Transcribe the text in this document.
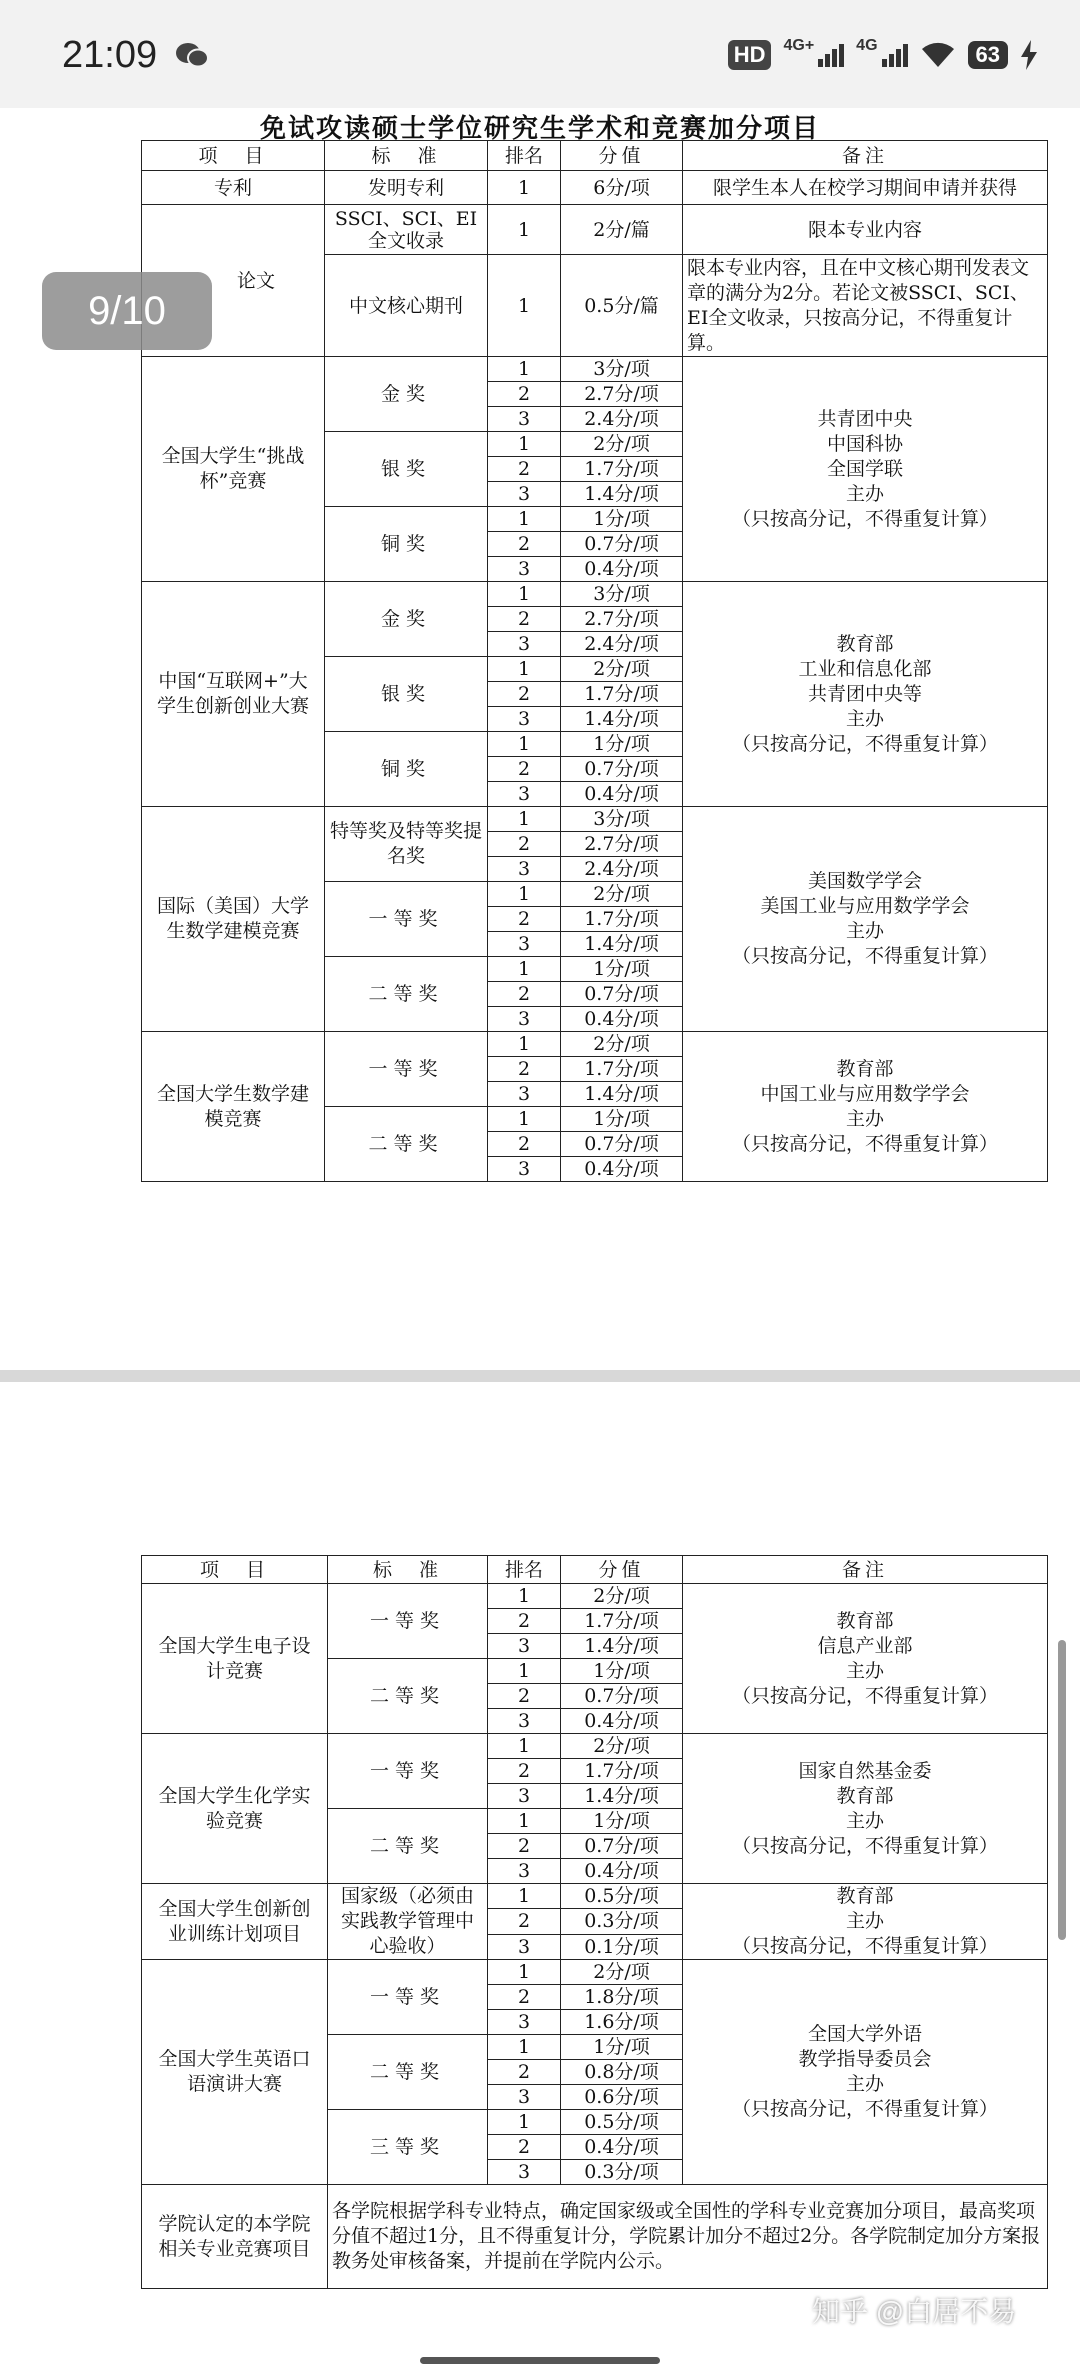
21:09	HD	4G+	4G	63
免试攻读硕士学位研究生学术和竞赛加分项目
项　目	标　准	排名	分值	备注
专利	发明专利	1	6分/项	限学生本人在校学习期间申请并获得
论文	SSCI、SCI、EI全文收录	1	2分/篇	限本专业内容
	中文核心期刊	1	0.5分/篇	限本专业内容，且在中文核心期刊发表文章的满分为2分。若论文被SSCI、SCI、EI全文收录，只按高分记，不得重复计算。
全国大学生“挑战杯”竞赛	金奖	1	3分/项	共青团中央
中国科协
全国学联
主办
（只按高分记，不得重复计算）

		2	2.7分/项	
		3	2.4分/项	
	银奖	1	2分/项	
		2	1.7分/项	
		3	1.4分/项	
	铜奖	1	1分/项	
		2	0.7分/项	
		3	0.4分/项	
中国“互联网+”大学生创新创业大赛	金奖	1	3分/项	教育部
工业和信息化部
共青团中央等
主办
（只按高分记，不得重复计算）

		2	2.7分/项	
		3	2.4分/项	
	银奖	1	2分/项	
		2	1.7分/项	
		3	1.4分/项	
	铜奖	1	1分/项	
		2	0.7分/项	
		3	0.4分/项	
国际（美国）大学生数学建模竞赛	特等奖及特等奖提名奖	1	3分/项	美国数学学会
美国工业与应用数学学会
主办
（只按高分记，不得重复计算）

		2	2.7分/项	
		3	2.4分/项	
	一等奖	1	2分/项	
		2	1.7分/项	
		3	1.4分/项	
	二等奖	1	1分/项	
		2	0.7分/项	
		3	0.4分/项	
全国大学生数学建模竞赛	一等奖	1	2分/项	教育部
中国工业与应用数学学会
主办
（只按高分记，不得重复计算）

		2	1.7分/项	
		3	1.4分/项	
	二等奖	1	1分/项	
		2	0.7分/项	
		3	0.4分/项	
项　目	标　准	排名	分值	备注
全国大学生电子设计竞赛	一等奖	1	2分/项	教育部
信息产业部
主办
（只按高分记，不得重复计算）

		2	1.7分/项	
		3	1.4分/项	
	二等奖	1	1分/项	
		2	0.7分/项	
		3	0.4分/项	
全国大学生化学实验竞赛	一等奖	1	2分/项	国家自然基金委
教育部
主办
（只按高分记，不得重复计算）

		2	1.7分/项	
		3	1.4分/项	
	二等奖	1	1分/项	
		2	0.7分/项	
		3	0.4分/项	
全国大学生创新创业训练计划项目	国家级（必须由实践教学管理中心验收）	1	0.5分/项	教育部
主办
（只按高分记，不得重复计算）

		2	0.3分/项	
		3	0.1分/项	
全国大学生英语口语演讲大赛	一等奖	1	2分/项	全国大学外语
教学指导委员会
主办
（只按高分记，不得重复计算）

		2	1.8分/项	
		3	1.6分/项	
	二等奖	1	1分/项	
		2	0.8分/项	
		3	0.6分/项	
	三等奖	1	0.5分/项	
		2	0.4分/项	
		3	0.3分/项	
学院认定的本学院相关专业竞赛项目	各学院根据学科专业特点，确定国家级或全国性的学科专业竞赛加分项目，最高奖项分值不超过1分，且不得重复计分，学院累计加分不超过2分。各学院制定加分方案报教务处审核备案，并提前在学院内公示。			
9/10
知乎 @白居不易
